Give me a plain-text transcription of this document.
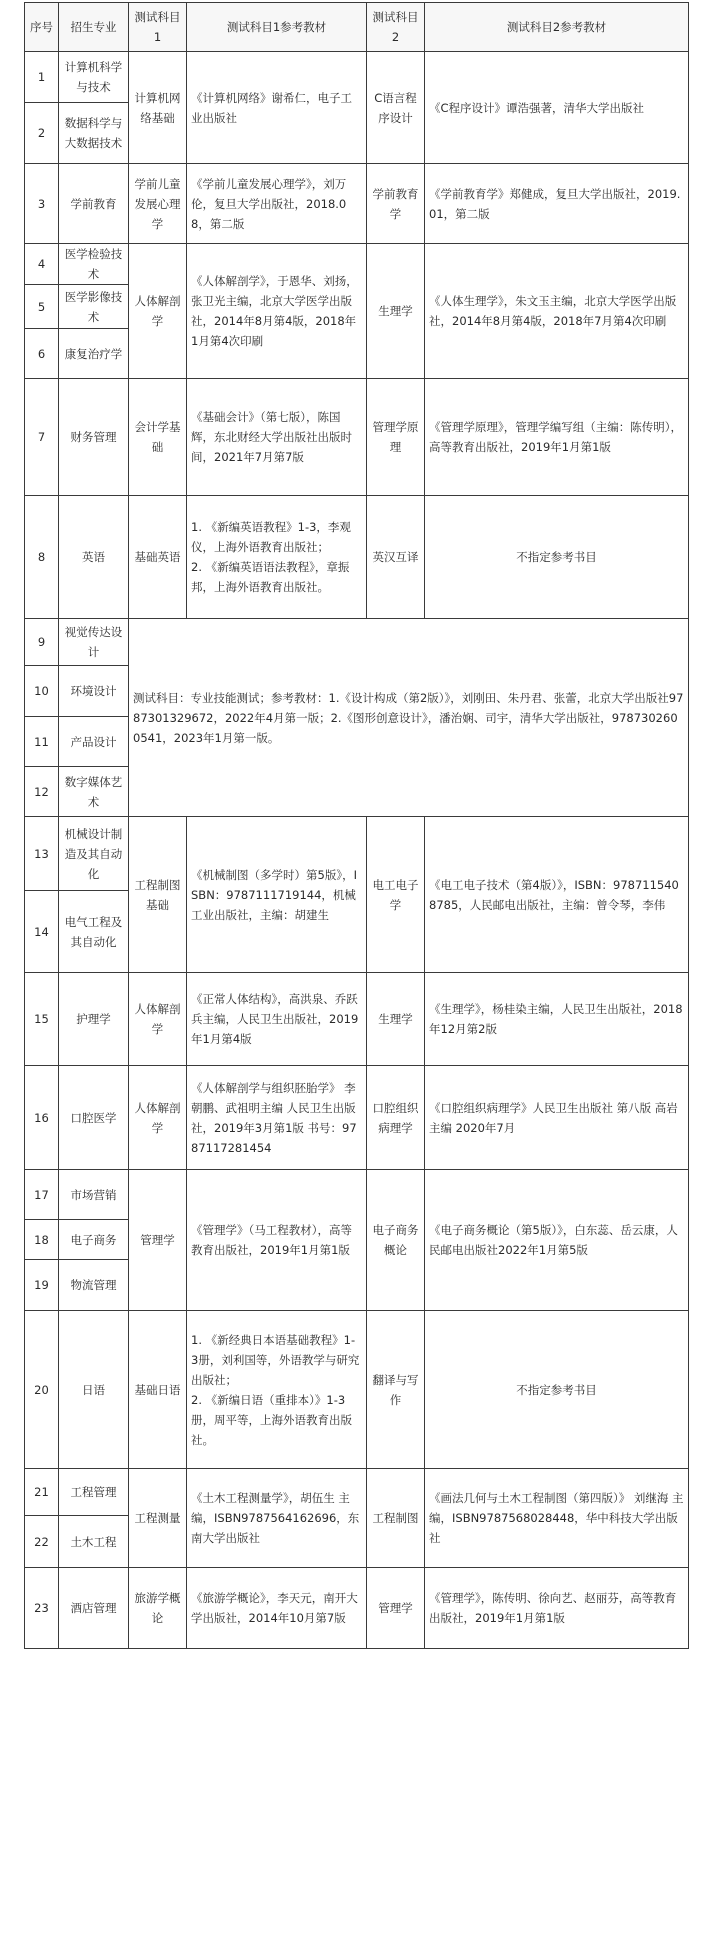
序号	招生专业	测试科目1	测试科目1参考教材	测试科目2	测试科目2参考教材
1	计算机科学与技术	计算机网络基础	《计算机网络》谢希仁，电子工业出版社	C语言程序设计	《C程序设计》谭浩强著，清华大学出版社
2	数据科学与大数据技术				
3	学前教育	学前儿童发展心理学	《学前儿童发展心理学》，刘万伦，复旦大学出版社，2018.08，第二版	学前教育学	《学前教育学》郑健成，复旦大学出版社，2019.01，第二版
4	医学检验技术	人体解剖学	《人体解剖学》，于恩华、刘扬，张卫光主编，北京大学医学出版社，2014年8月第4版，2018年1月第4次印刷	生理学	《人体生理学》，朱文玉主编，北京大学医学出版社，2014年8月第4版，2018年7月第4次印刷
5	医学影像技术				
6	康复治疗学				
7	财务管理	会计学基础	《基础会计》（第七版），陈国辉，东北财经大学出版社出版时间，2021年7月第7版	管理学原理	《管理学原理》，管理学编写组（主编：陈传明），高等教育出版社，2019年1月第1版
8	英语	基础英语	1. 《新编英语教程》1-3，李观仪，上海外语教育出版社；
2. 《新编英语语法教程》，章振邦，上海外语教育出版社。	英汉互译	不指定参考书目
9	视觉传达设计	测试科目：专业技能测试；参考教材：1.《设计构成（第2版）》，刘刚田、朱丹君、张蕾，北京大学出版社9787301329672，2022年4月第一版；2.《图形创意设计》，潘治娴、司宇，清华大学出版社，9787302600541，2023年1月第一版。			
10	环境设计				
11	产品设计				
12	数字媒体艺术				
13	机械设计制造及其自动化	工程制图基础	《机械制图（多学时）第5版》，ISBN：9787111719144，机械工业出版社，主编：胡建生	电工电子学	《电工电子技术（第4版）》，ISBN：9787115408785，人民邮电出版社，主编：曾令琴，李伟
14	电气工程及其自动化				
15	护理学	人体解剖学	《正常人体结构》，高洪泉、乔跃兵主编，人民卫生出版社，2019年1月第4版	生理学	《生理学》，杨桂染主编，人民卫生出版社，2018年12月第2版
16	口腔医学	人体解剖学	《人体解剖学与组织胚胎学》 李朝鹏、武祖明主编 人民卫生出版社，2019年3月第1版 书号：9787117281454	口腔组织病理学	《口腔组织病理学》人民卫生出版社 第八版 高岩主编 2020年7月
17	市场营销	管理学	《管理学》（马工程教材），高等教育出版社，2019年1月第1版	电子商务概论	《电子商务概论（第5版）》，白东蕊、岳云康，人民邮电出版社2022年1月第5版
18	电子商务				
19	物流管理				
20	日语	基础日语	1. 《新经典日本语基础教程》1-3册，刘利国等，外语教学与研究出版社；
2. 《新编日语（重排本）》1-3册，周平等，上海外语教育出版社。	翻译与写作	不指定参考书目
21	工程管理	工程测量	《土木工程测量学》，胡伍生 主编，ISBN9787564162696，东南大学出版社	工程制图	《画法几何与土木工程制图（第四版）》 刘继海 主编，ISBN9787568028448，华中科技大学出版社
22	土木工程				
23	酒店管理	旅游学概论	《旅游学概论》，李天元，南开大学出版社，2014年10月第7版	管理学	《管理学》，陈传明、徐向艺、赵丽芬，高等教育出版社，2019年1月第1版
